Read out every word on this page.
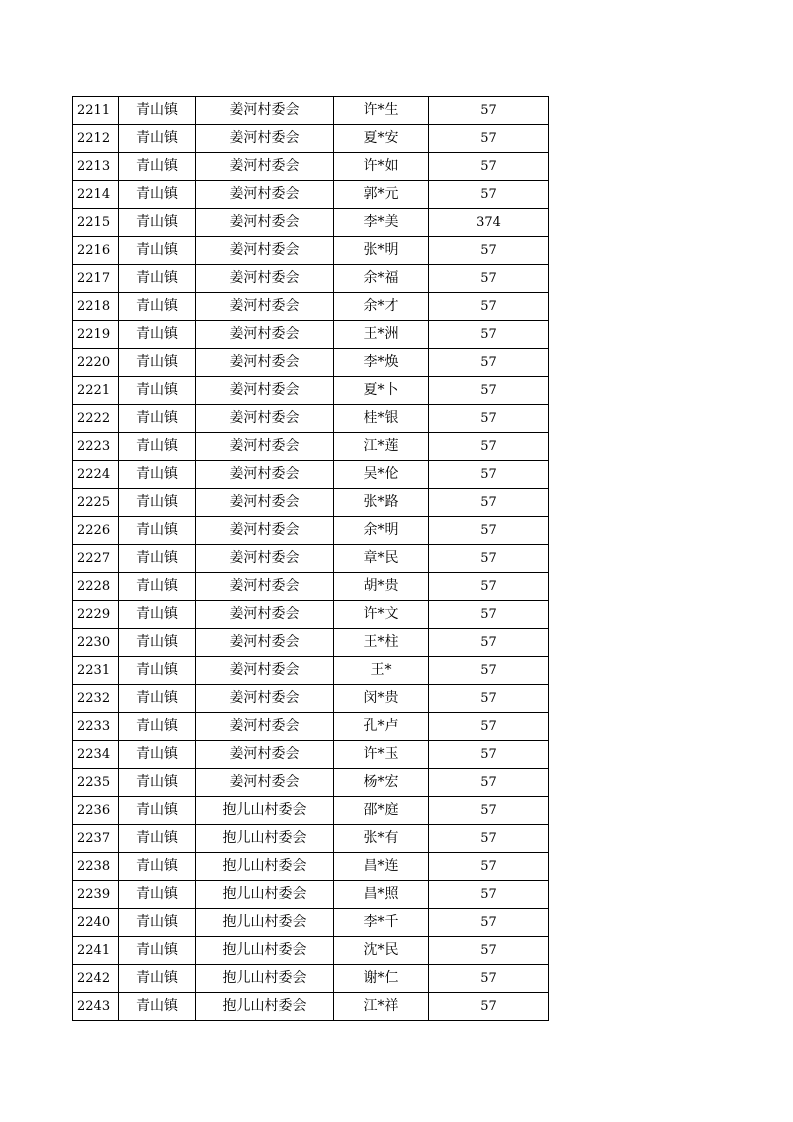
2211	青山镇	姜河村委会	许*生	57
2212	青山镇	姜河村委会	夏*安	57
2213	青山镇	姜河村委会	许*如	57
2214	青山镇	姜河村委会	郭*元	57
2215	青山镇	姜河村委会	李*美	374
2216	青山镇	姜河村委会	张*明	57
2217	青山镇	姜河村委会	余*福	57
2218	青山镇	姜河村委会	余*才	57
2219	青山镇	姜河村委会	王*洲	57
2220	青山镇	姜河村委会	李*焕	57
2221	青山镇	姜河村委会	夏*卜	57
2222	青山镇	姜河村委会	桂*银	57
2223	青山镇	姜河村委会	江*莲	57
2224	青山镇	姜河村委会	吴*伦	57
2225	青山镇	姜河村委会	张*路	57
2226	青山镇	姜河村委会	余*明	57
2227	青山镇	姜河村委会	章*民	57
2228	青山镇	姜河村委会	胡*贵	57
2229	青山镇	姜河村委会	许*文	57
2230	青山镇	姜河村委会	王*柱	57
2231	青山镇	姜河村委会	王*	57
2232	青山镇	姜河村委会	闵*贵	57
2233	青山镇	姜河村委会	孔*卢	57
2234	青山镇	姜河村委会	许*玉	57
2235	青山镇	姜河村委会	杨*宏	57
2236	青山镇	抱儿山村委会	邵*庭	57
2237	青山镇	抱儿山村委会	张*有	57
2238	青山镇	抱儿山村委会	昌*连	57
2239	青山镇	抱儿山村委会	昌*照	57
2240	青山镇	抱儿山村委会	李*千	57
2241	青山镇	抱儿山村委会	沈*民	57
2242	青山镇	抱儿山村委会	谢*仁	57
2243	青山镇	抱儿山村委会	江*祥	57
